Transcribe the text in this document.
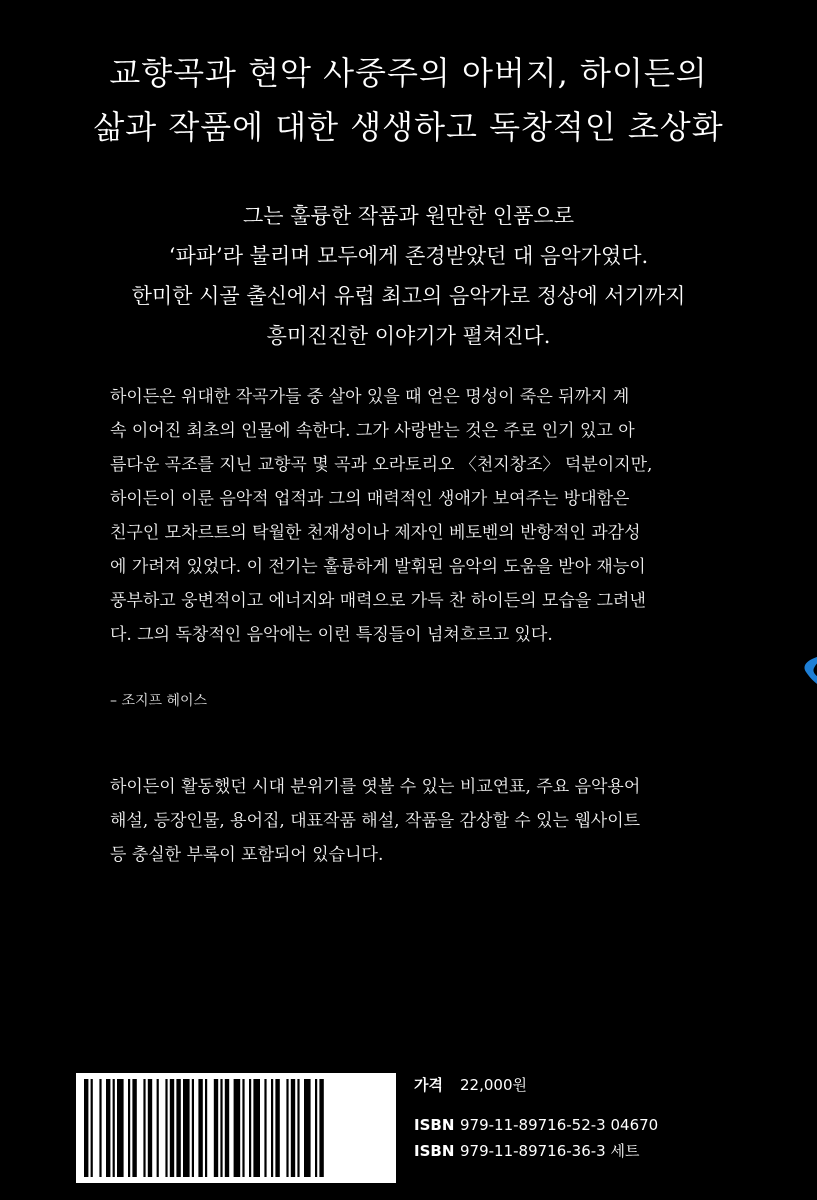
교향곡과 현악 사중주의 아버지, 하이든의
삶과 작품에 대한 생생하고 독창적인 초상화
그는 훌륭한 작품과 원만한 인품으로
‘파파’라 불리며 모두에게 존경받았던 대 음악가였다.
한미한 시골 출신에서 유럽 최고의 음악가로 정상에 서기까지
흥미진진한 이야기가 펼쳐진다.
하이든은 위대한 작곡가들 중 살아 있을 때 얻은 명성이 죽은 뒤까지 계
속 이어진 최초의 인물에 속한다. 그가 사랑받는 것은 주로 인기 있고 아
름다운 곡조를 지닌 교향곡 몇 곡과 오라토리오 〈천지창조〉 덕분이지만,
하이든이 이룬 음악적 업적과 그의 매력적인 생애가 보여주는 방대함은
친구인 모차르트의 탁월한 천재성이나 제자인 베토벤의 반항적인 과감성
에 가려져 있었다. 이 전기는 훌륭하게 발휘된 음악의 도움을 받아 재능이
풍부하고 웅변적이고 에너지와 매력으로 가득 찬 하이든의 모습을 그려낸
다. 그의 독창적인 음악에는 이런 특징들이 넘쳐흐르고 있다.
– 조지프 헤이스
하이든이 활동했던 시대 분위기를 엿볼 수 있는 비교연표, 주요 음악용어
해설, 등장인물, 용어집, 대표작품 해설, 작품을 감상할 수 있는 웹사이트
등 충실한 부록이 포함되어 있습니다.
가격 22,000원
ISBN 979-11-89716-52-3 04670
ISBN 979-11-89716-36-3 세트
